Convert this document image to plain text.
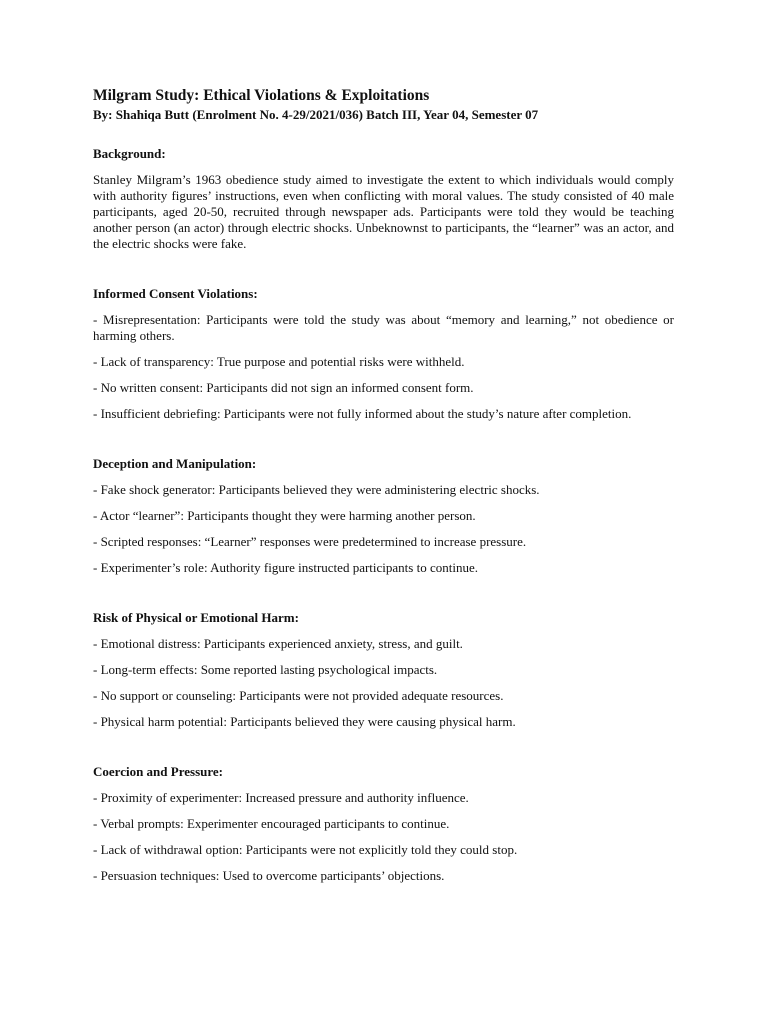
Milgram Study: Ethical Violations & Exploitations

By: Shahiqa Butt (Enrolment No. 4-29/2021/036) Batch III, Year 04, Semester 07

Background:

Stanley Milgram’s 1963 obedience study aimed to investigate the extent to which individuals would comply with authority figures’ instructions, even when conflicting with moral values. The study consisted of 40 male participants, aged 20-50, recruited through newspaper ads. Participants were told they would be teaching another person (an actor) through electric shocks. Unbeknownst to participants, the “learner” was an actor, and the electric shocks were fake.

Informed Consent Violations:

- Misrepresentation: Participants were told the study was about “memory and learning,” not obedience or harming others.
- Lack of transparency: True purpose and potential risks were withheld.
- No written consent: Participants did not sign an informed consent form.
- Insufficient debriefing: Participants were not fully informed about the study’s nature after completion.

Deception and Manipulation:

- Fake shock generator: Participants believed they were administering electric shocks.
- Actor “learner”: Participants thought they were harming another person.
- Scripted responses: “Learner” responses were predetermined to increase pressure.
- Experimenter’s role: Authority figure instructed participants to continue.

Risk of Physical or Emotional Harm:

- Emotional distress: Participants experienced anxiety, stress, and guilt.
- Long-term effects: Some reported lasting psychological impacts.
- No support or counseling: Participants were not provided adequate resources.
- Physical harm potential: Participants believed they were causing physical harm.

Coercion and Pressure:

- Proximity of experimenter: Increased pressure and authority influence.
- Verbal prompts: Experimenter encouraged participants to continue.
- Lack of withdrawal option: Participants were not explicitly told they could stop.
- Persuasion techniques: Used to overcome participants’ objections.
